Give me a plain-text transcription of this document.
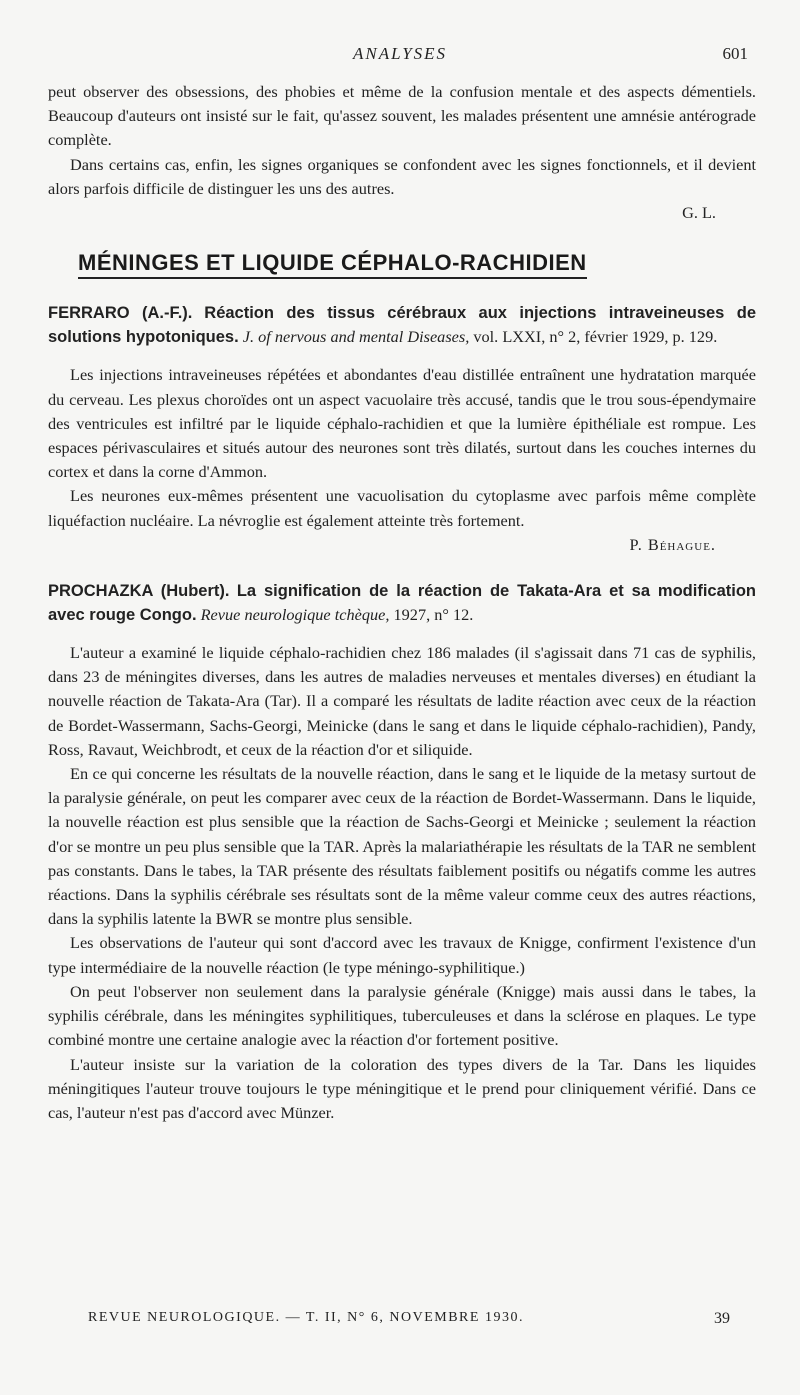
ANALYSES	601

peut observer des obsessions, des phobies et même de la confusion mentale et des aspects démentiels. Beaucoup d'auteurs ont insisté sur le fait, qu'assez souvent, les malades présentent une amnésie antérograde complète.

Dans certains cas, enfin, les signes organiques se confondent avec les signes fonctionnels, et il devient alors parfois difficile de distinguer les uns des autres.

G. L.

MÉNINGES ET LIQUIDE CÉPHALO-RACHIDIEN

FERRARO (A.-F.). Réaction des tissus cérébraux aux injections intraveineuses de solutions hypotoniques. J. of nervous and mental Diseases, vol. LXXI, n° 2, février 1929, p. 129.

Les injections intraveineuses répétées et abondantes d'eau distillée entraînent une hydratation marquée du cerveau. Les plexus choroïdes ont un aspect vacuolaire très accusé, tandis que le trou sous-épendymaire des ventricules est infiltré par le liquide céphalo-rachidien et que la lumière épithéliale est rompue. Les espaces périvasculaires et situés autour des neurones sont très dilatés, surtout dans les couches internes du cortex et dans la corne d'Ammon.

Les neurones eux-mêmes présentent une vacuolisation du cytoplasme avec parfois même complète liquéfaction nucléaire. La névroglie est également atteinte très fortement.

P. Béhague.

PROCHAZKA (Hubert). La signification de la réaction de Takata-Ara et sa modification avec rouge Congo. Revue neurologique tchèque, 1927, n° 12.

L'auteur a examiné le liquide céphalo-rachidien chez 186 malades (il s'agissait dans 71 cas de syphilis, dans 23 de méningites diverses, dans les autres de maladies nerveuses et mentales diverses) en étudiant la nouvelle réaction de Takata-Ara (Tar). Il a comparé les résultats de ladite réaction avec ceux de la réaction de Bordet-Wassermann, Sachs-Georgi, Meinicke (dans le sang et dans le liquide céphalo-rachidien), Pandy, Ross, Ravaut, Weichbrodt, et ceux de la réaction d'or et siliquide.

En ce qui concerne les résultats de la nouvelle réaction, dans le sang et le liquide de la metasy surtout de la paralysie générale, on peut les comparer avec ceux de la réaction de Bordet-Wassermann. Dans le liquide, la nouvelle réaction est plus sensible que la réaction de Sachs-Georgi et Meinicke ; seulement la réaction d'or se montre un peu plus sensible que la TAR. Après la malariathérapie les résultats de la TAR ne semblent pas constants. Dans le tabes, la TAR présente des résultats faiblement positifs ou négatifs comme les autres réactions. Dans la syphilis cérébrale ses résultats sont de la même valeur comme ceux des autres réactions, dans la syphilis latente la BWR se montre plus sensible.

Les observations de l'auteur qui sont d'accord avec les travaux de Knigge, confirment l'existence d'un type intermédiaire de la nouvelle réaction (le type méningo-syphilitique.)

On peut l'observer non seulement dans la paralysie générale (Knigge) mais aussi dans le tabes, la syphilis cérébrale, dans les méningites syphilitiques, tuberculeuses et dans la sclérose en plaques. Le type combiné montre une certaine analogie avec la réaction d'or fortement positive.

L'auteur insiste sur la variation de la coloration des types divers de la Tar. Dans les liquides méningitiques l'auteur trouve toujours le type méningitique et le prend pour cliniquement vérifié. Dans ce cas, l'auteur n'est pas d'accord avec Münzer.

REVUE NEUROLOGIQUE. — T. II, N° 6, NOVEMBRE 1930.	39
